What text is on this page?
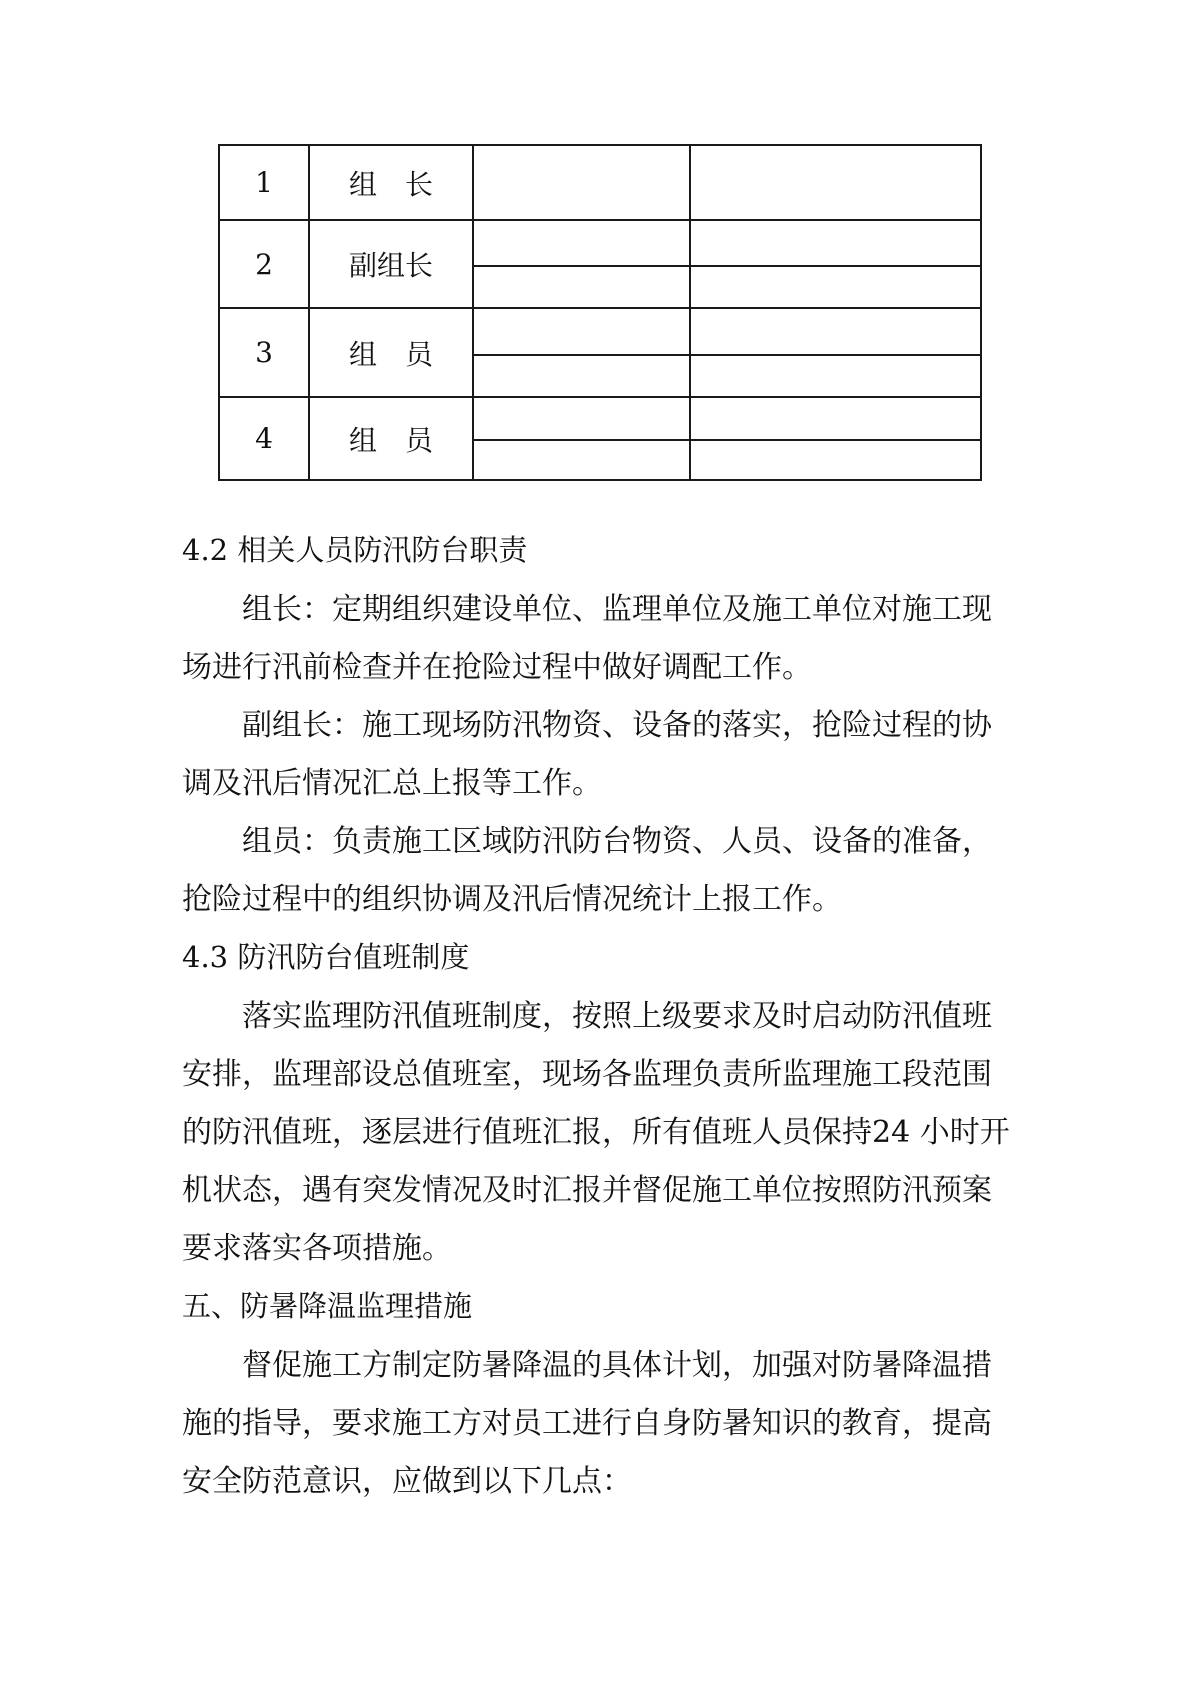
1	组　长		
2	副组长		

3	组　员		

4	组　员		

4.2 相关人员防汛防台职责

组长：定期组织建设单位、监理单位及施工单位对施工现

场进行汛前检查并在抢险过程中做好调配工作。

副组长：施工现场防汛物资、设备的落实，抢险过程的协

调及汛后情况汇总上报等工作。

组员：负责施工区域防汛防台物资、人员、设备的准备，

抢险过程中的组织协调及汛后情况统计上报工作。

4.3 防汛防台值班制度

落实监理防汛值班制度，按照上级要求及时启动防汛值班

安排，监理部设总值班室，现场各监理负责所监理施工段范围

的防汛值班，逐层进行值班汇报，所有值班人员保持24 小时开

机状态，遇有突发情况及时汇报并督促施工单位按照防汛预案

要求落实各项措施。

五、防暑降温监理措施

督促施工方制定防暑降温的具体计划，加强对防暑降温措

施的指导，要求施工方对员工进行自身防暑知识的教育，提高

安全防范意识，应做到以下几点：
